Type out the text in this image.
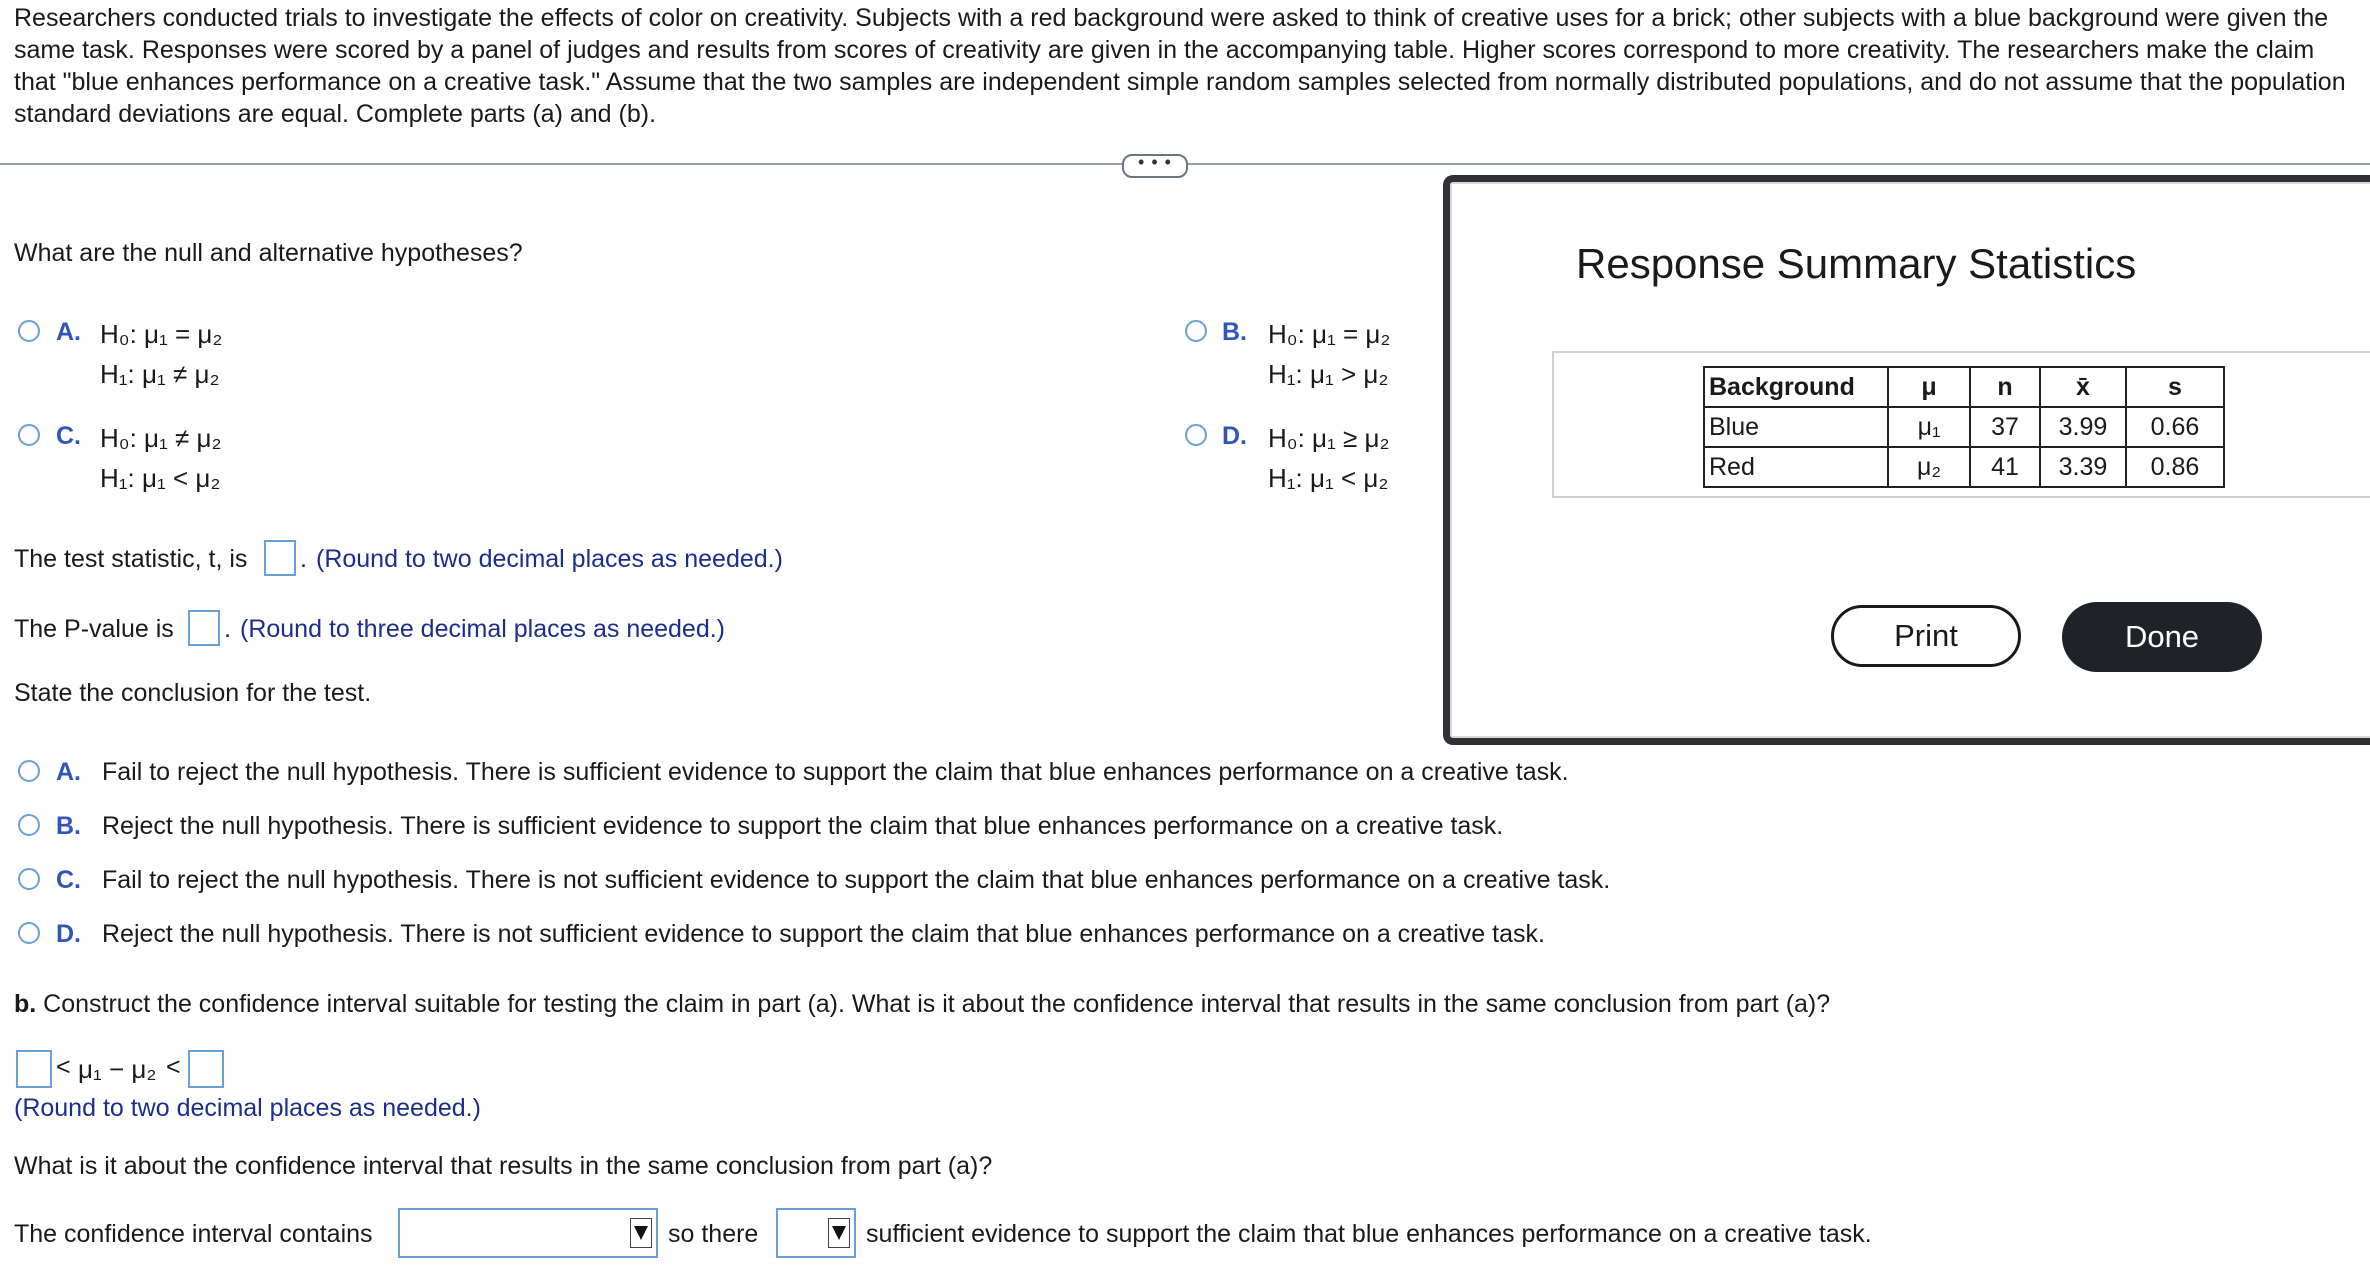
Researchers conducted trials to investigate the effects of color on creativity. Subjects with a red background were asked to think of creative uses for a brick; other subjects with a blue background were given the same task. Responses were scored by a panel of judges and results from scores of creativity are given in the accompanying table. Higher scores correspond to more creativity. The researchers make the claim that "blue enhances performance on a creative task." Assume that the two samples are independent simple random samples selected from normally distributed populations, and do not assume that the population standard deviations are equal. Complete parts (a) and (b).
• • •
What are the null and alternative hypotheses?
A. H₀: μ₁ = μ₂
H₁: μ₁ ≠ μ₂
B. H₀: μ₁ = μ₂
H₁: μ₁ > μ₂
C. H₀: μ₁ ≠ μ₂
H₁: μ₁ < μ₂
D. H₀: μ₁ ≥ μ₂
H₁: μ₁ < μ₂
The test statistic, t, is . (Round to two decimal places as needed.)
The P-value is . (Round to three decimal places as needed.)
State the conclusion for the test.
A. Fail to reject the null hypothesis. There is sufficient evidence to support the claim that blue enhances performance on a creative task.
B. Reject the null hypothesis. There is sufficient evidence to support the claim that blue enhances performance on a creative task.
C. Fail to reject the null hypothesis. There is not sufficient evidence to support the claim that blue enhances performance on a creative task.
D. Reject the null hypothesis. There is not sufficient evidence to support the claim that blue enhances performance on a creative task.
b. Construct the confidence interval suitable for testing the claim in part (a). What is it about the confidence interval that results in the same conclusion from part (a)?
< μ₁ − μ₂ <
(Round to two decimal places as needed.)
What is it about the confidence interval that results in the same conclusion from part (a)?
The confidence interval contains	so there	sufficient evidence to support the claim that blue enhances performance on a creative task.
Response Summary Statistics
Background	μ	n	x̄	s
Blue	μ₁	37	3.99	0.66
Red	μ₂	41	3.39	0.86
Print	Done
